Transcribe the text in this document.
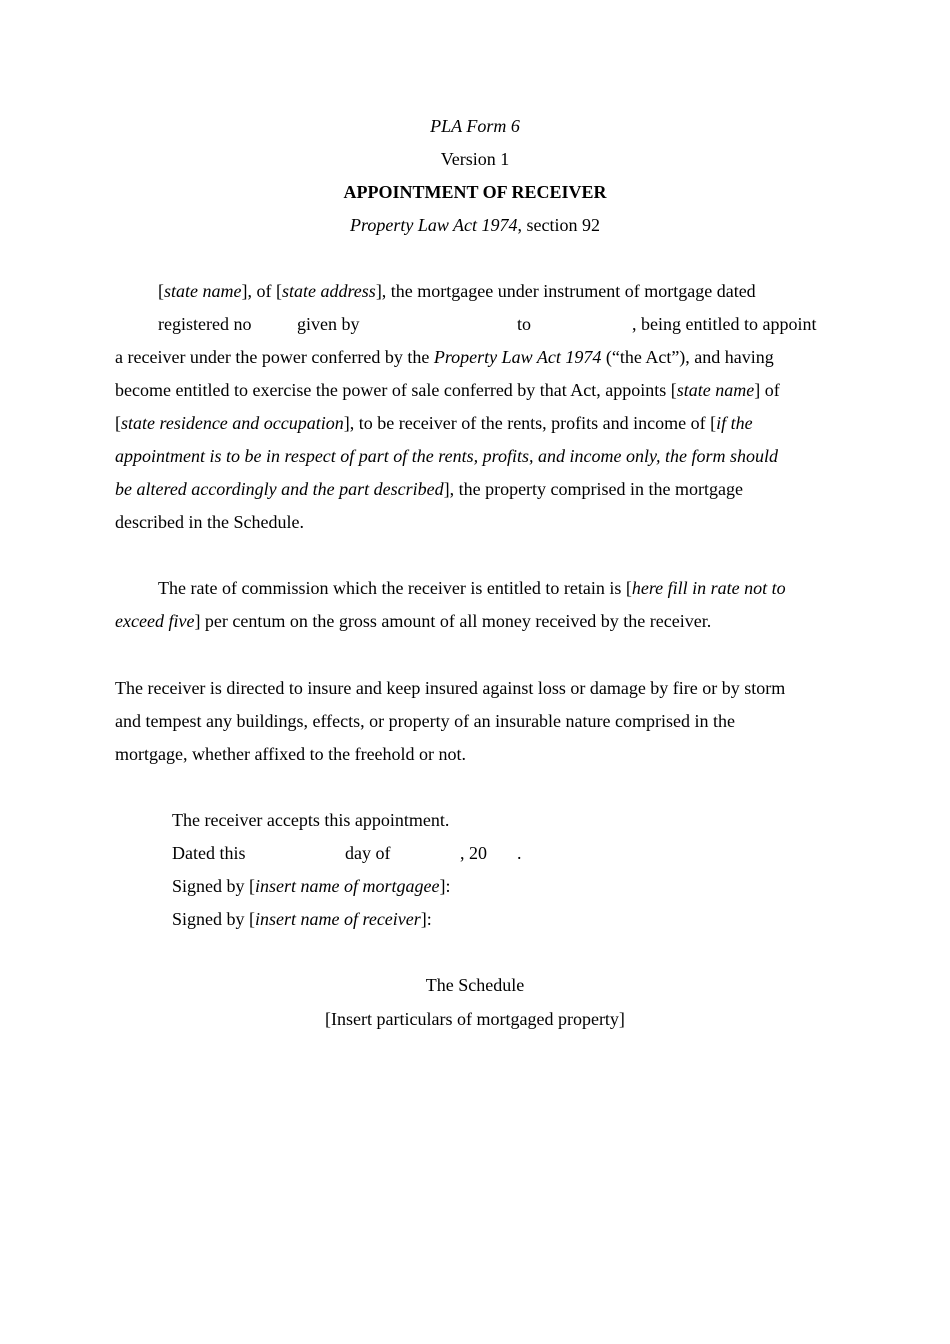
PLA Form 6
Version 1
APPOINTMENT OF RECEIVER
Property Law Act 1974, section 92
[state name], of [state address], the mortgagee under instrument of mortgage dated
registered no	given by	to	, being entitled to appoint
a receiver under the power conferred by the Property Law Act 1974 (“the Act”), and having
become entitled to exercise the power of sale conferred by that Act, appoints [state name] of
[state residence and occupation], to be receiver of the rents, profits and income of [if the
appointment is to be in respect of part of the rents, profits, and income only, the form should
be altered accordingly and the part described], the property comprised in the mortgage
described in the Schedule.
The rate of commission which the receiver is entitled to retain is [here fill in rate not to
exceed five] per centum on the gross amount of all money received by the receiver.
The receiver is directed to insure and keep insured against loss or damage by fire or by storm
and tempest any buildings, effects, or property of an insurable nature comprised in the
mortgage, whether affixed to the freehold or not.
The receiver accepts this appointment.
Dated this	day of	, 20 .
Signed by [insert name of mortgagee]:
Signed by [insert name of receiver]:
The Schedule
[Insert particulars of mortgaged property]
